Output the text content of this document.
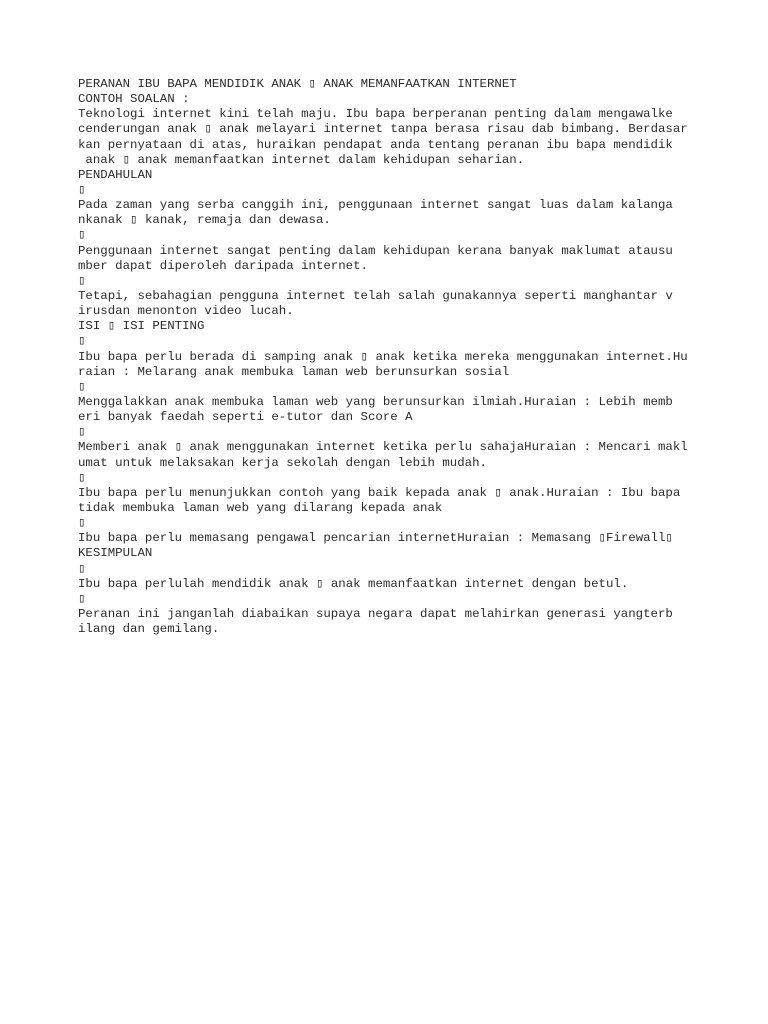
PERANAN IBU BAPA MENDIDIK ANAK ▯ ANAK MEMANFAATKAN INTERNET
CONTOH SOALAN :
Teknologi internet kini telah maju. Ibu bapa berperanan penting dalam mengawalke
cenderungan anak ▯ anak melayari internet tanpa berasa risau dab bimbang. Berdasar
kan pernyataan di atas, huraikan pendapat anda tentang peranan ibu bapa mendidik
anak ▯ anak memanfaatkan internet dalam kehidupan seharian.
PENDAHULAN
▯
Pada zaman yang serba canggih ini, penggunaan internet sangat luas dalam kalanga
nkanak ▯ kanak, remaja dan dewasa.
▯
Penggunaan internet sangat penting dalam kehidupan kerana banyak maklumat atausu
mber dapat diperoleh daripada internet.
▯
Tetapi, sebahagian pengguna internet telah salah gunakannya seperti manghantar v
irusdan menonton video lucah.
ISI ▯ ISI PENTING
▯
Ibu bapa perlu berada di samping anak ▯ anak ketika mereka menggunakan internet.Hu
raian : Melarang anak membuka laman web berunsurkan sosial
▯
Menggalakkan anak membuka laman web yang berunsurkan ilmiah.Huraian : Lebih memb
eri banyak faedah seperti e-tutor dan Score A
▯
Memberi anak ▯ anak menggunakan internet ketika perlu sahajaHuraian : Mencari makl
umat untuk melaksakan kerja sekolah dengan lebih mudah.
▯
Ibu bapa perlu menunjukkan contoh yang baik kepada anak ▯ anak.Huraian : Ibu bapa
tidak membuka laman web yang dilarang kepada anak
▯
Ibu bapa perlu memasang pengawal pencarian internetHuraian : Memasang ▯Firewall▯
KESIMPULAN
▯
Ibu bapa perlulah mendidik anak ▯ anak memanfaatkan internet dengan betul.
▯
Peranan ini janganlah diabaikan supaya negara dapat melahirkan generasi yangterb
ilang dan gemilang.
